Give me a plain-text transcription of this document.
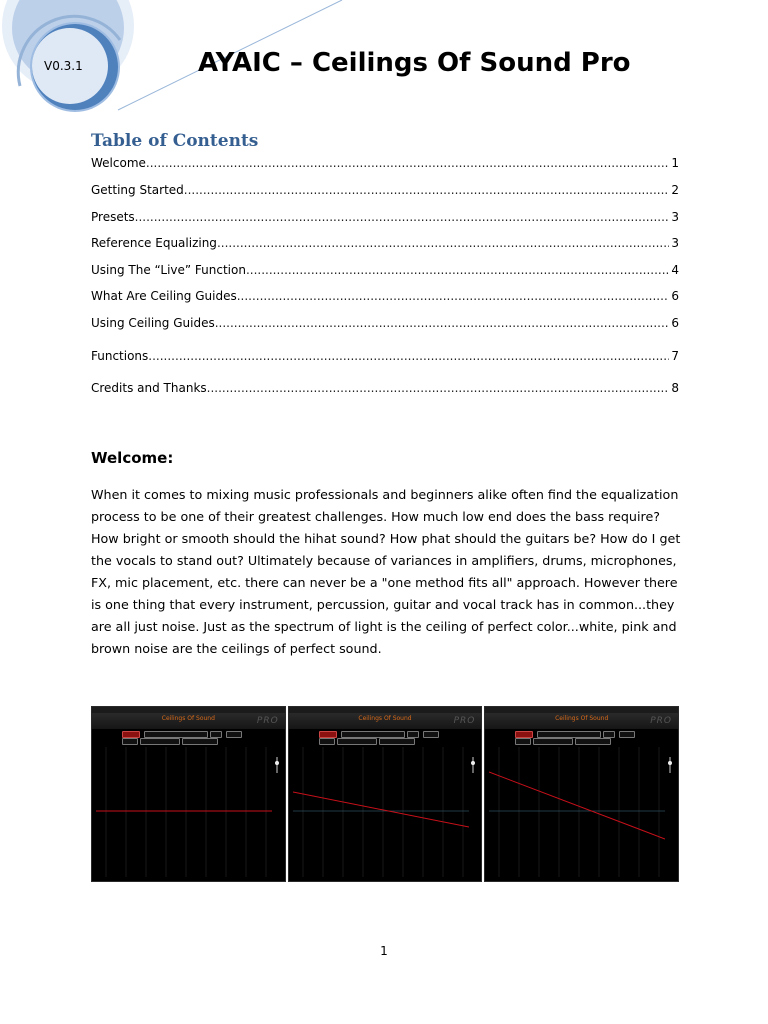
V0.3.1	AYAIC – Ceilings Of Sound Pro
Table of Contents
Welcome .....	1
Getting Started .....	2
Presets .....	3
Reference Equalizing .....	3
Using The “Live” Function .....	4
What Are Ceiling Guides .....	6
Using Ceiling Guides .....	6
Functions .....	7
Credits and Thanks .....	8
Welcome:

When it comes to mixing music professionals and beginners alike often find the equalization process to be one of their greatest challenges. How much low end does the bass require? How bright or smooth should the hihat sound? How phat should the guitars be? How do I get the vocals to stand out? Ultimately because of variances in amplifiers, drums, microphones, FX, mic placement, etc. there can never be a "one method fits all" approach. However there is one thing that every instrument, percussion, guitar and vocal track has in common...they are all just noise. Just as the spectrum of light is the ceiling of perfect color...white, pink and brown noise are the ceilings of perfect sound.

Ceilings Of Sound	PRO	Ceilings Of Sound	PRO	Ceilings Of Sound	PRO
1
